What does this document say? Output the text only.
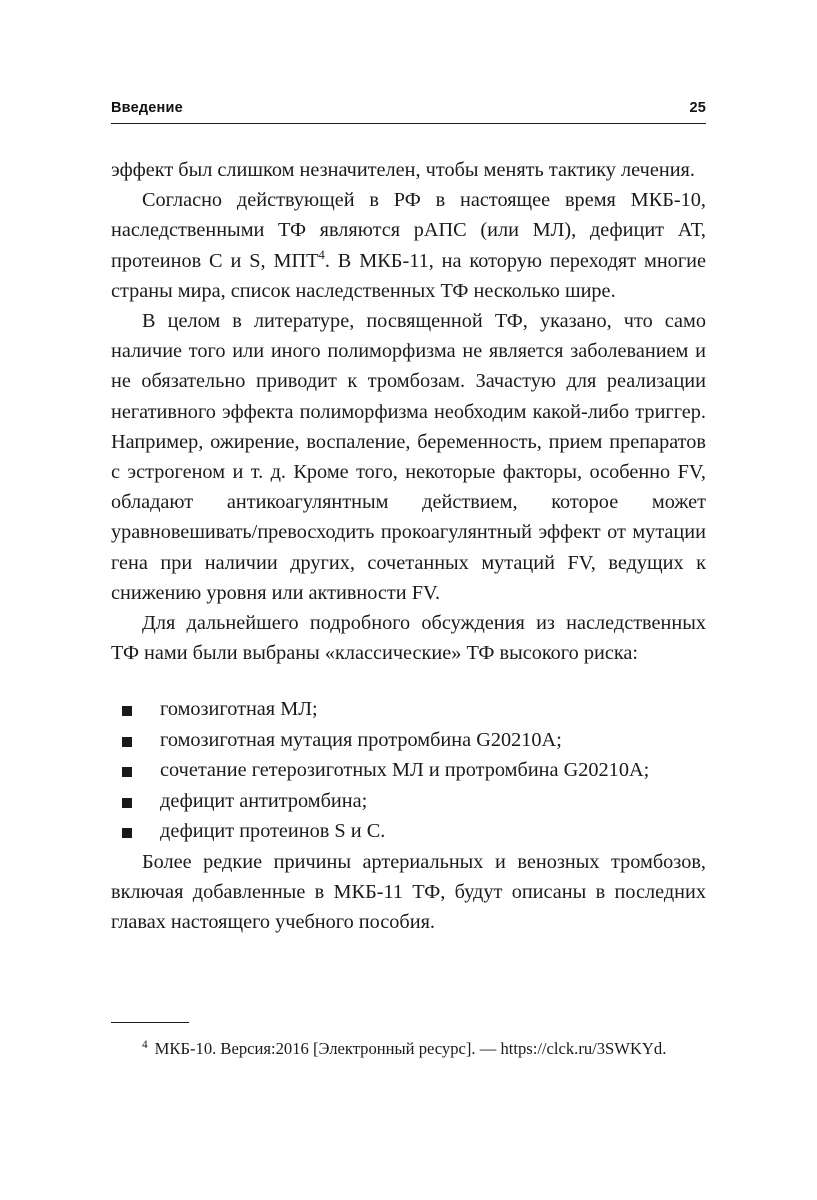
Введение	25

эффект был слишком незначителен, чтобы менять тактику лечения.

Согласно действующей в РФ в настоящее время МКБ-10, наследственными ТФ являются рАПС (или МЛ), дефицит АТ, протеинов C и S, МПТ$^4$. В МКБ-11, на которую переходят многие страны мира, список наследственных ТФ несколько шире.

В целом в литературе, посвященной ТФ, указано, что само наличие того или иного полиморфизма не является заболеванием и не обязательно приводит к тромбозам. Зачастую для реализации негативного эффекта полиморфизма необходим какой-либо триггер. Например, ожирение, воспаление, беременность, прием препаратов с эстрогеном и т. д. Кроме того, некоторые факторы, особенно FV, обладают антикоагулянтным действием, которое может уравновешивать/превосходить прокоагулянтный эффект от мутации гена при наличии других, сочетанных мутаций FV, ведущих к снижению уровня или активности FV.

Для дальнейшего подробного обсуждения из наследственных ТФ нами были выбраны «классические» ТФ высокого риска:

гомозиготная МЛ;
гомозиготная мутация протромбина G20210A;
сочетание гетерозиготных МЛ и протромбина G20210A;
дефицит антитромбина;
дефицит протеинов S и C.

Более редкие причины артериальных и венозных тромбозов, включая добавленные в МКБ-11 ТФ, будут описаны в последних главах настоящего учебного пособия.

$^4$ МКБ-10. Версия:2016 [Электронный ресурс]. — https://clck.ru/3SWKYd.
